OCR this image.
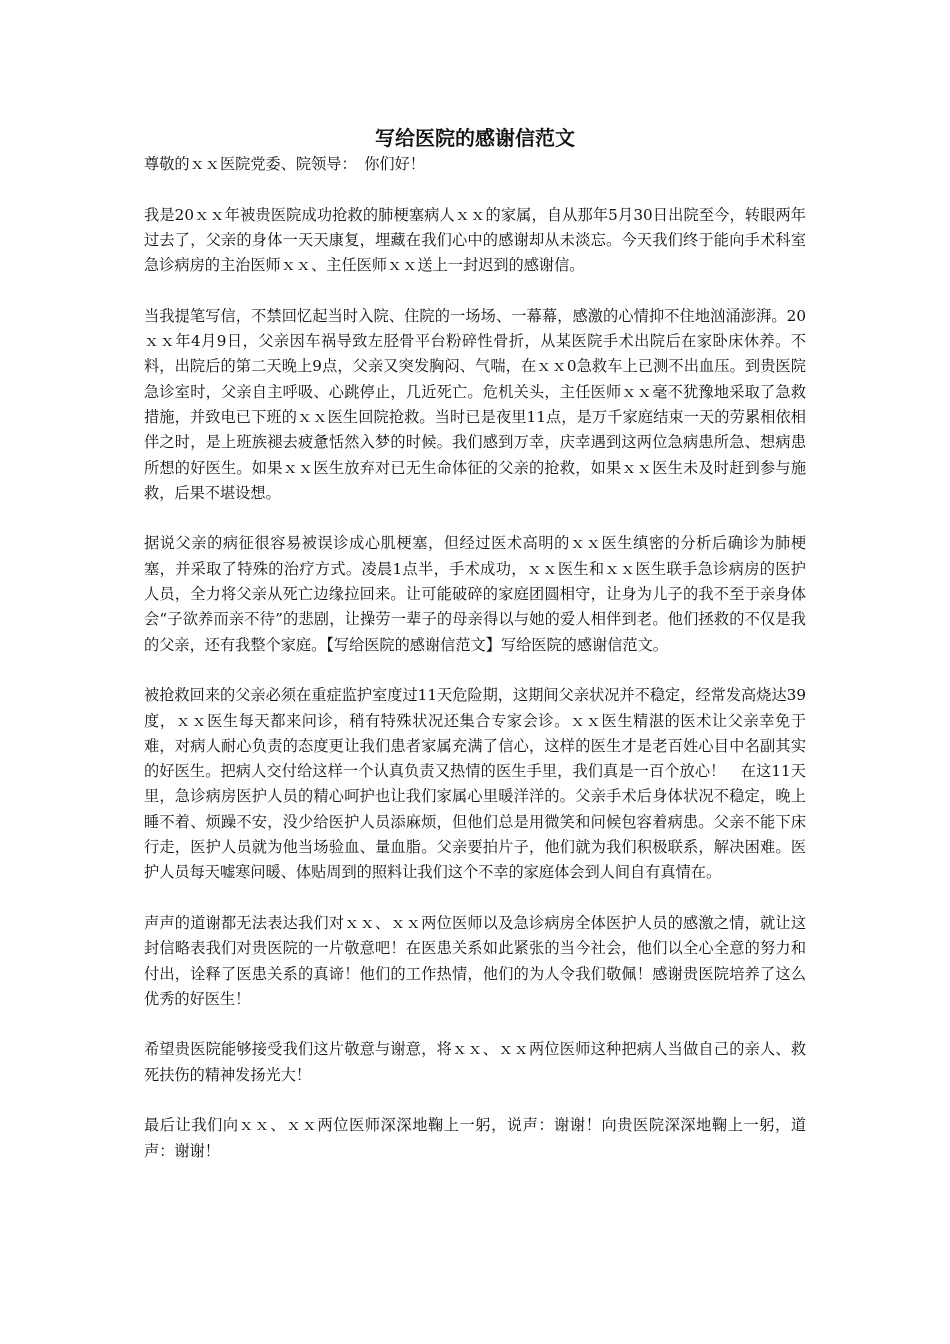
写给医院的感谢信范文

尊敬的ｘｘ医院党委、院领导：　你们好！

我是20ｘｘ年被贵医院成功抢救的肺梗塞病人ｘｘ的家属，自从那年5月30日出院至今，转眼两年过去了，父亲的身体一天天康复，埋藏在我们心中的感谢却从未淡忘。今天我们终于能向手术科室急诊病房的主治医师ｘｘ、主任医师ｘｘ送上一封迟到的感谢信。

当我提笔写信，不禁回忆起当时入院、住院的一场场、一幕幕，感激的心情抑不住地汹涌澎湃。20ｘｘ年4月9日，父亲因车祸导致左胫骨平台粉碎性骨折，从某医院手术出院后在家卧床休养。不料，出院后的第二天晚上9点，父亲又突发胸闷、气喘，在ｘｘ0急救车上已测不出血压。到贵医院急诊室时，父亲自主呼吸、心跳停止，几近死亡。危机关头，主任医师ｘｘ毫不犹豫地采取了急救措施，并致电已下班的ｘｘ医生回院抢救。当时已是夜里11点，是万千家庭结束一天的劳累相依相伴之时，是上班族褪去疲惫恬然入梦的时候。我们感到万幸，庆幸遇到这两位急病患所急、想病患所想的好医生。如果ｘｘ医生放弃对已无生命体征的父亲的抢救，如果ｘｘ医生未及时赶到参与施救，后果不堪设想。

据说父亲的病征很容易被误诊成心肌梗塞，但经过医术高明的ｘｘ医生缜密的分析后确诊为肺梗塞，并采取了特殊的治疗方式。凌晨1点半，手术成功，ｘｘ医生和ｘｘ医生联手急诊病房的医护人员，全力将父亲从死亡边缘拉回来。让可能破碎的家庭团圆相守，让身为儿子的我不至于亲身体会“子欲养而亲不待”的悲剧，让操劳一辈子的母亲得以与她的爱人相伴到老。他们拯救的不仅是我的父亲，还有我整个家庭。【写给医院的感谢信范文】写给医院的感谢信范文。

被抢救回来的父亲必须在重症监护室度过11天危险期，这期间父亲状况并不稳定，经常发高烧达39度，ｘｘ医生每天都来问诊，稍有特殊状况还集合专家会诊。ｘｘ医生精湛的医术让父亲幸免于难，对病人耐心负责的态度更让我们患者家属充满了信心，这样的医生才是老百姓心目中名副其实的好医生。把病人交付给这样一个认真负责又热情的医生手里，我们真是一百个放心！　在这11天里，急诊病房医护人员的精心呵护也让我们家属心里暖洋洋的。父亲手术后身体状况不稳定，晚上睡不着、烦躁不安，没少给医护人员添麻烦，但他们总是用微笑和问候包容着病患。父亲不能下床行走，医护人员就为他当场验血、量血脂。父亲要拍片子，他们就为我们积极联系，解决困难。医护人员每天嘘寒问暖、体贴周到的照料让我们这个不幸的家庭体会到人间自有真情在。

声声的道谢都无法表达我们对ｘｘ、ｘｘ两位医师以及急诊病房全体医护人员的感激之情，就让这封信略表我们对贵医院的一片敬意吧！在医患关系如此紧张的当今社会，他们以全心全意的努力和付出，诠释了医患关系的真谛！他们的工作热情，他们的为人令我们敬佩！感谢贵医院培养了这么优秀的好医生！

希望贵医院能够接受我们这片敬意与谢意，将ｘｘ、ｘｘ两位医师这种把病人当做自己的亲人、救死扶伤的精神发扬光大！

最后让我们向ｘｘ、ｘｘ两位医师深深地鞠上一躬，说声：谢谢！向贵医院深深地鞠上一躬，道声：谢谢！
